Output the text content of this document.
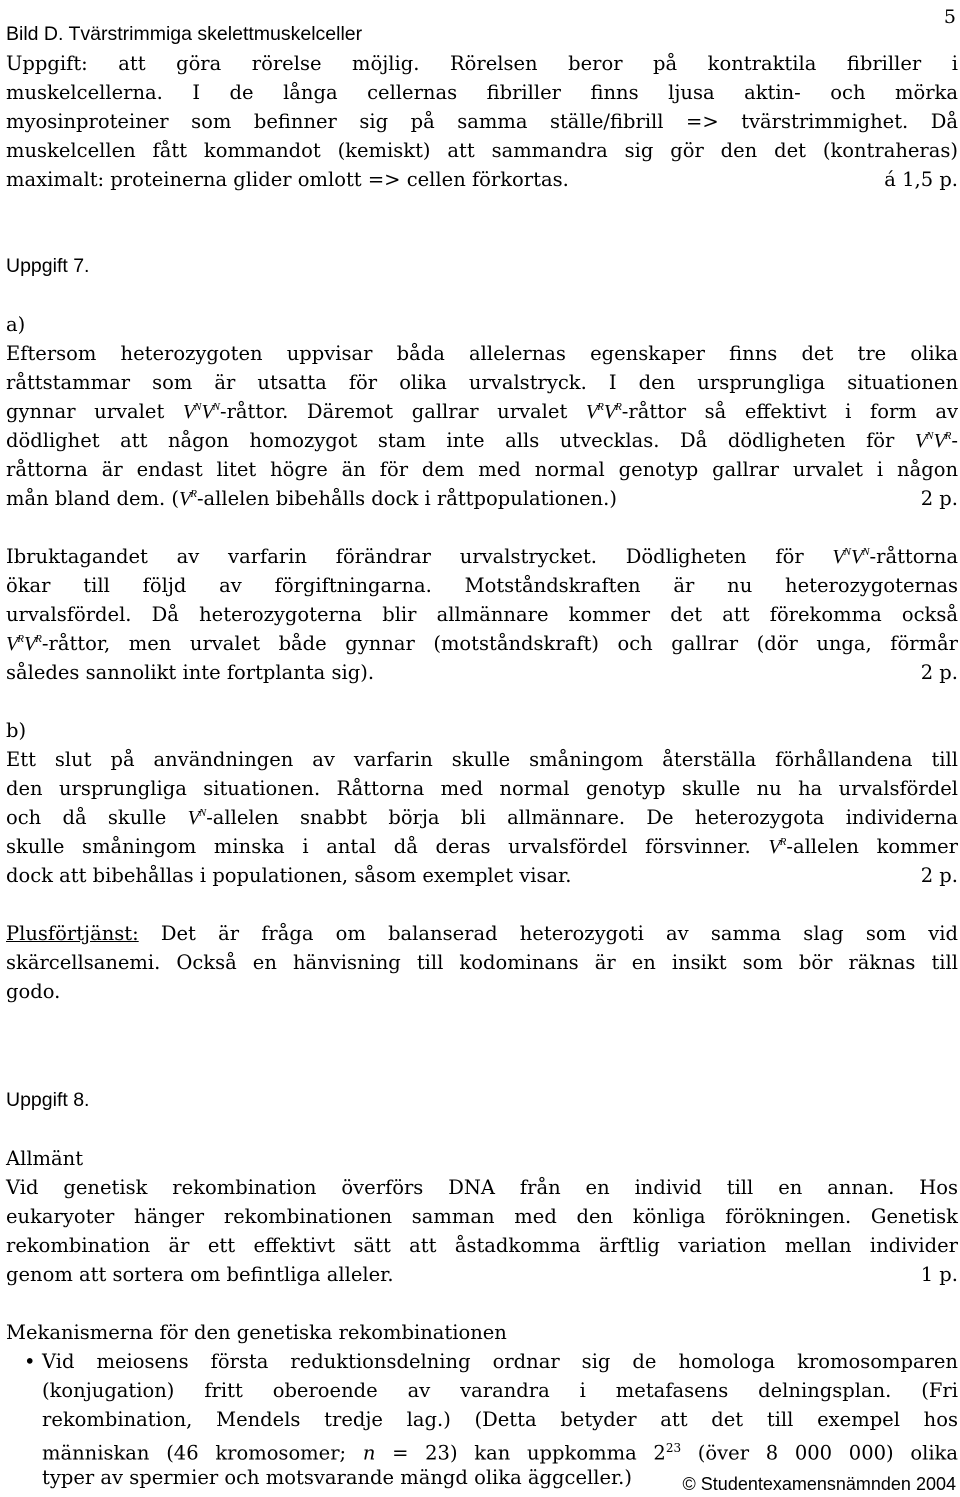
5
Bild D. Tvärstrimmiga skelettmuskelceller
Uppgift: att göra rörelse möjlig. Rörelsen beror på kontraktila fibriller i
muskelcellerna. I de långa cellernas fibriller finns ljusa aktin- och mörka
myosinproteiner som befinner sig på samma ställe/fibrill => tvärstrimmighet. Då
muskelcellen fått kommandot (kemiskt) att sammandra sig gör den det (kontraheras)
maximalt: proteinerna glider omlott => cellen förkortas.	á 1,5 p.
Uppgift 7.
a)
Eftersom heterozygoten uppvisar båda allelernas egenskaper finns det tre olika
råttstammar som är utsatta för olika urvalstryck. I den ursprungliga situationen
gynnar urvalet $V^NV^N$-råttor. Däremot gallrar urvalet $V^RV^R$-råttor så effektivt i form av
dödlighet att någon homozygot stam inte alls utvecklas. Då dödligheten för $V^NV^R-$
råttorna är endast litet högre än för dem med normal genotyp gallrar urvalet i någon
mån bland dem. ($V^R$-allelen bibehålls dock i råttpopulationen.)	2 p.
Ibruktagandet av varfarin förändrar urvalstrycket. Dödligheten för $V^NV^N$-råttorna
ökar till följd av förgiftningarna. Motståndskraften är nu heterozygoternas
urvalsfördel. Då heterozygoterna blir allmännare kommer det att förekomma också
$V^RV^R$-råttor, men urvalet både gynnar (motståndskraft) och gallrar (dör unga, förmår
således sannolikt inte fortplanta sig).	2 p.
b)
Ett slut på användningen av varfarin skulle småningom återställa förhållandena till
den ursprungliga situationen. Råttorna med normal genotyp skulle nu ha urvalsfördel
och då skulle $V^N$-allelen snabbt börja bli allmännare. De heterozygota individerna
skulle småningom minska i antal då deras urvalsfördel försvinner. $V^R$-allelen kommer
dock att bibehållas i populationen, såsom exemplet visar.	2 p.
Plusförtjänst: Det är fråga om balanserad heterozygoti av samma slag som vid
skärcellsanemi. Också en hänvisning till kodominans är en insikt som bör räknas till
godo.
Uppgift 8.
Allmänt
Vid genetisk rekombination överförs DNA från en individ till en annan. Hos
eukaryoter hänger rekombinationen samman med den könliga förökningen. Genetisk
rekombination är ett effektivt sätt att åstadkomma ärftlig variation mellan individer
genom att sortera om befintliga alleler.	1 p.
Mekanismerna för den genetiska rekombinationen
• Vid meiosens första reduktionsdelning ordnar sig de homologa kromosomparen
(konjugation) fritt oberoende av varandra i metafasens delningsplan. (Fri
rekombination, Mendels tredje lag.) (Detta betyder att det till exempel hos
människan (46 kromosomer; n = 23) kan uppkomma $2^{23}$ (över 8 000 000) olika
typer av spermier och motsvarande mängd olika äggceller.)	© Studentexamensnämnden 2004
